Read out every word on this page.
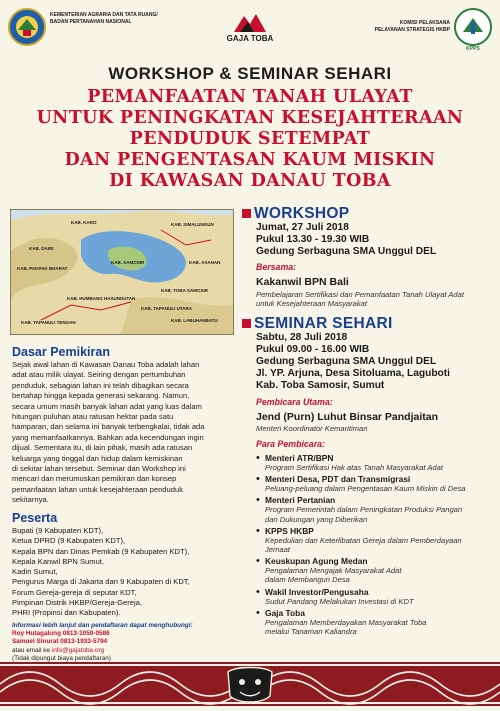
KEMENTERIAN AGRARIA DAN TATA RUANG/
BADAN PERTANAHAN NASIONAL
GAJA TOBA
KOMISI PELAKSANA
PELAYANAN STRATEGIS HKBP
KPPS
WORKSHOP & SEMINAR SEHARI
PEMANFAATAN TANAH ULAYAT
UNTUK PENINGKATAN KESEJAHTERAAN
PENDUDUK SETEMPAT
DAN PENGENTASAN KAUM MISKIN
DI KAWASAN DANAU TOBA
KAB. TAPANULI UTARA
KAB. SAMOSIR
KAB. SIMALUNGUN
KAB. TOBA SAMOSIR
KAB. HUMBANG HASUNDUTAN
KAB. KARO
KAB. DAIRI
KAB. PAKPAK BHARAT
KAB. TAPANULI TENGAH
KAB. ASAHAN
KAB. LABUHANBATU
Dasar Pemikiran
Sejak awal lahan di Kawasan Danau Toba adalah lahan
adat atau milik ulayat. Seiring dengan pertumbuhan
penduduk, sebagian lahan ini telah dibagikan secara
bertahap hingga kepada generasi sekarang. Namun,
secara umum masih banyak lahan adat yang luas dalam
hitungan puluhan atau ratusan hektar pada satu
hamparan, dan selama ini banyak terbengkalai, tidak ada
yang memanfaatkannya. Bahkan ada kecendungan ingin
dijual. Sementara itu, di lain pihak, masih ada ratusan
keluarga yang tinggal dan hidup dalam kemiskinan
di sekitar lahan tersebut. Seminar dan Workshop ini
mencari dan merumuskan pemikiran dan konsep
pemanfaatan lahan untuk kesejahteraan penduduk
sekitarnya.
Peserta
Bupati (9 Kabupaten KDT),
Ketua DPRD (9 Kabupaten KDT),
Kepala BPN dan Dinas Pemkab (9 Kabupaten KDT),
Kepala Kanwil BPN Sumut,
Kadin Sumut,
Pengurus Marga di Jakarta dan 9 Kabupaten di KDT,
Forum Gereja-gereja di seputar KDT,
Pimpinan Distrik HKBP/Gereja-Gereja,
PHRI (Propinsi dan Kabupaten).
Informasi lebih lanjut dan pendaftaran dapat menghubungi:
Roy Hutagalung 0813-1050-0586
Samuel Sinurat 0813-1933-5794
atau email ke info@gajatoba.org
(Tidak dipungut biaya pendaftaran)
WORKSHOP
Jumat, 27 Juli 2018
Pukul 13.30 - 19.30 WIB
Gedung Serbaguna SMA Unggul DEL
Bersama:
Kakanwil BPN Bali
Pembelajaran Sertifikasi dan Pemanfaatan Tanah Ulayat Adat
untuk Kesejahteraan Masyarakat
SEMINAR SEHARI
Sabtu, 28 Juli 2018
Pukul 09.00 - 16.00 WIB
Gedung Serbaguna SMA Unggul DEL
Jl. YP. Arjuna, Desa Sitoluama, Laguboti
Kab. Toba Samosir, Sumut
Pembicara Utama:
Jend (Purn) Luhut Binsar Pandjaitan
Menteri Koordinator Kemaritiman
Para Pembicara:
• Menteri ATR/BPN
Program Sertifikasi Hak atas Tanah Masyarakat Adat
• Menteri Desa, PDT dan Transmigrasi
Peluang-peluang dalam Pengentasan Kaum Miskin di Desa
• Menteri Pertanian
Program Pemerintah dalam Peningkatan Produksi Pangan
dan Dukungan yang Diberikan
• KPPS HKBP
Kepedulian dan Keterlibatan Gereja dalam Pemberdayaan
Jemaat
• Keuskupan Agung Medan
Pengalaman Mengajak Masyarakat Adat
dalam Membangun Desa
• Wakil Investor/Pengusaha
Sudut Pandang Melakukan Investasi di KDT
• Gaja Toba
Pengalaman Memberdayakan Masyarakat Toba
melalui Tanaman Kaliandra
